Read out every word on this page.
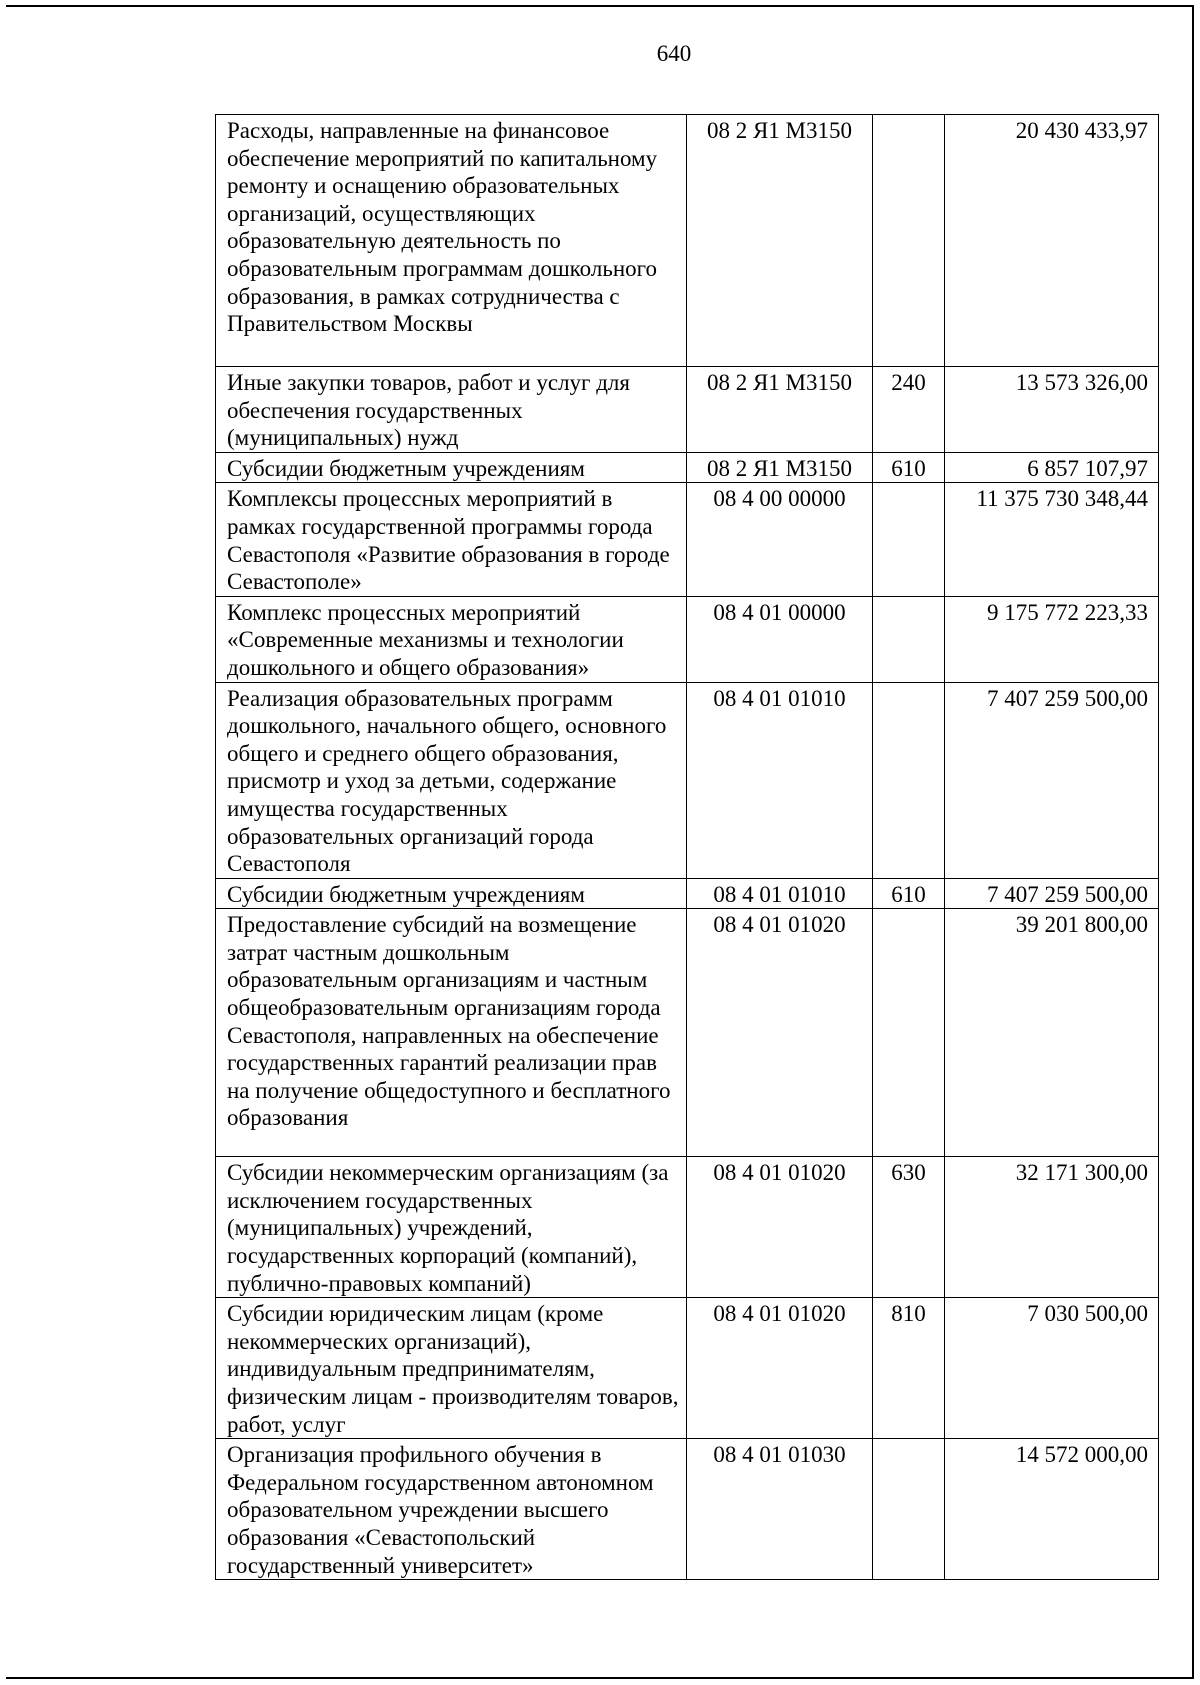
640
Расходы, направленные на финансовое обеспечение мероприятий по капитальному ремонту и оснащению образовательных организаций, осуществляющих образовательную деятельность по образовательным программам дошкольного образования, в рамках сотрудничества с Правительством Москвы	08 2 Я1 М3150		20 430 433,97
Иные закупки товаров, работ и услуг для обеспечения государственных (муниципальных) нужд	08 2 Я1 М3150	240	13 573 326,00
Субсидии бюджетным учреждениям	08 2 Я1 М3150	610	6 857 107,97
Комплексы процессных мероприятий в рамках государственной программы города Севастополя «Развитие образования в городе Севастополе»	08 4 00 00000		11 375 730 348,44
Комплекс процессных мероприятий «Современные механизмы и технологии дошкольного и общего образования»	08 4 01 00000		9 175 772 223,33
Реализация образовательных программ дошкольного, начального общего, основного общего и среднего общего образования, присмотр и уход за детьми, содержание имущества государственных образовательных организаций города Севастополя	08 4 01 01010		7 407 259 500,00
Субсидии бюджетным учреждениям	08 4 01 01010	610	7 407 259 500,00
Предоставление субсидий на возмещение затрат частным дошкольным образовательным организациям и частным общеобразовательным организациям города Севастополя, направленных на обеспечение государственных гарантий реализации прав на получение общедоступного и бесплатного образования	08 4 01 01020		39 201 800,00
Субсидии некоммерческим организациям (за исключением государственных (муниципальных) учреждений, государственных корпораций (компаний), публично-правовых компаний)	08 4 01 01020	630	32 171 300,00
Субсидии юридическим лицам (кроме некоммерческих организаций), индивидуальным предпринимателям, физическим лицам - производителям товаров, работ, услуг	08 4 01 01020	810	7 030 500,00
Организация профильного обучения в Федеральном государственном автономном образовательном учреждении высшего образования «Севастопольский государственный университет»	08 4 01 01030		14 572 000,00
